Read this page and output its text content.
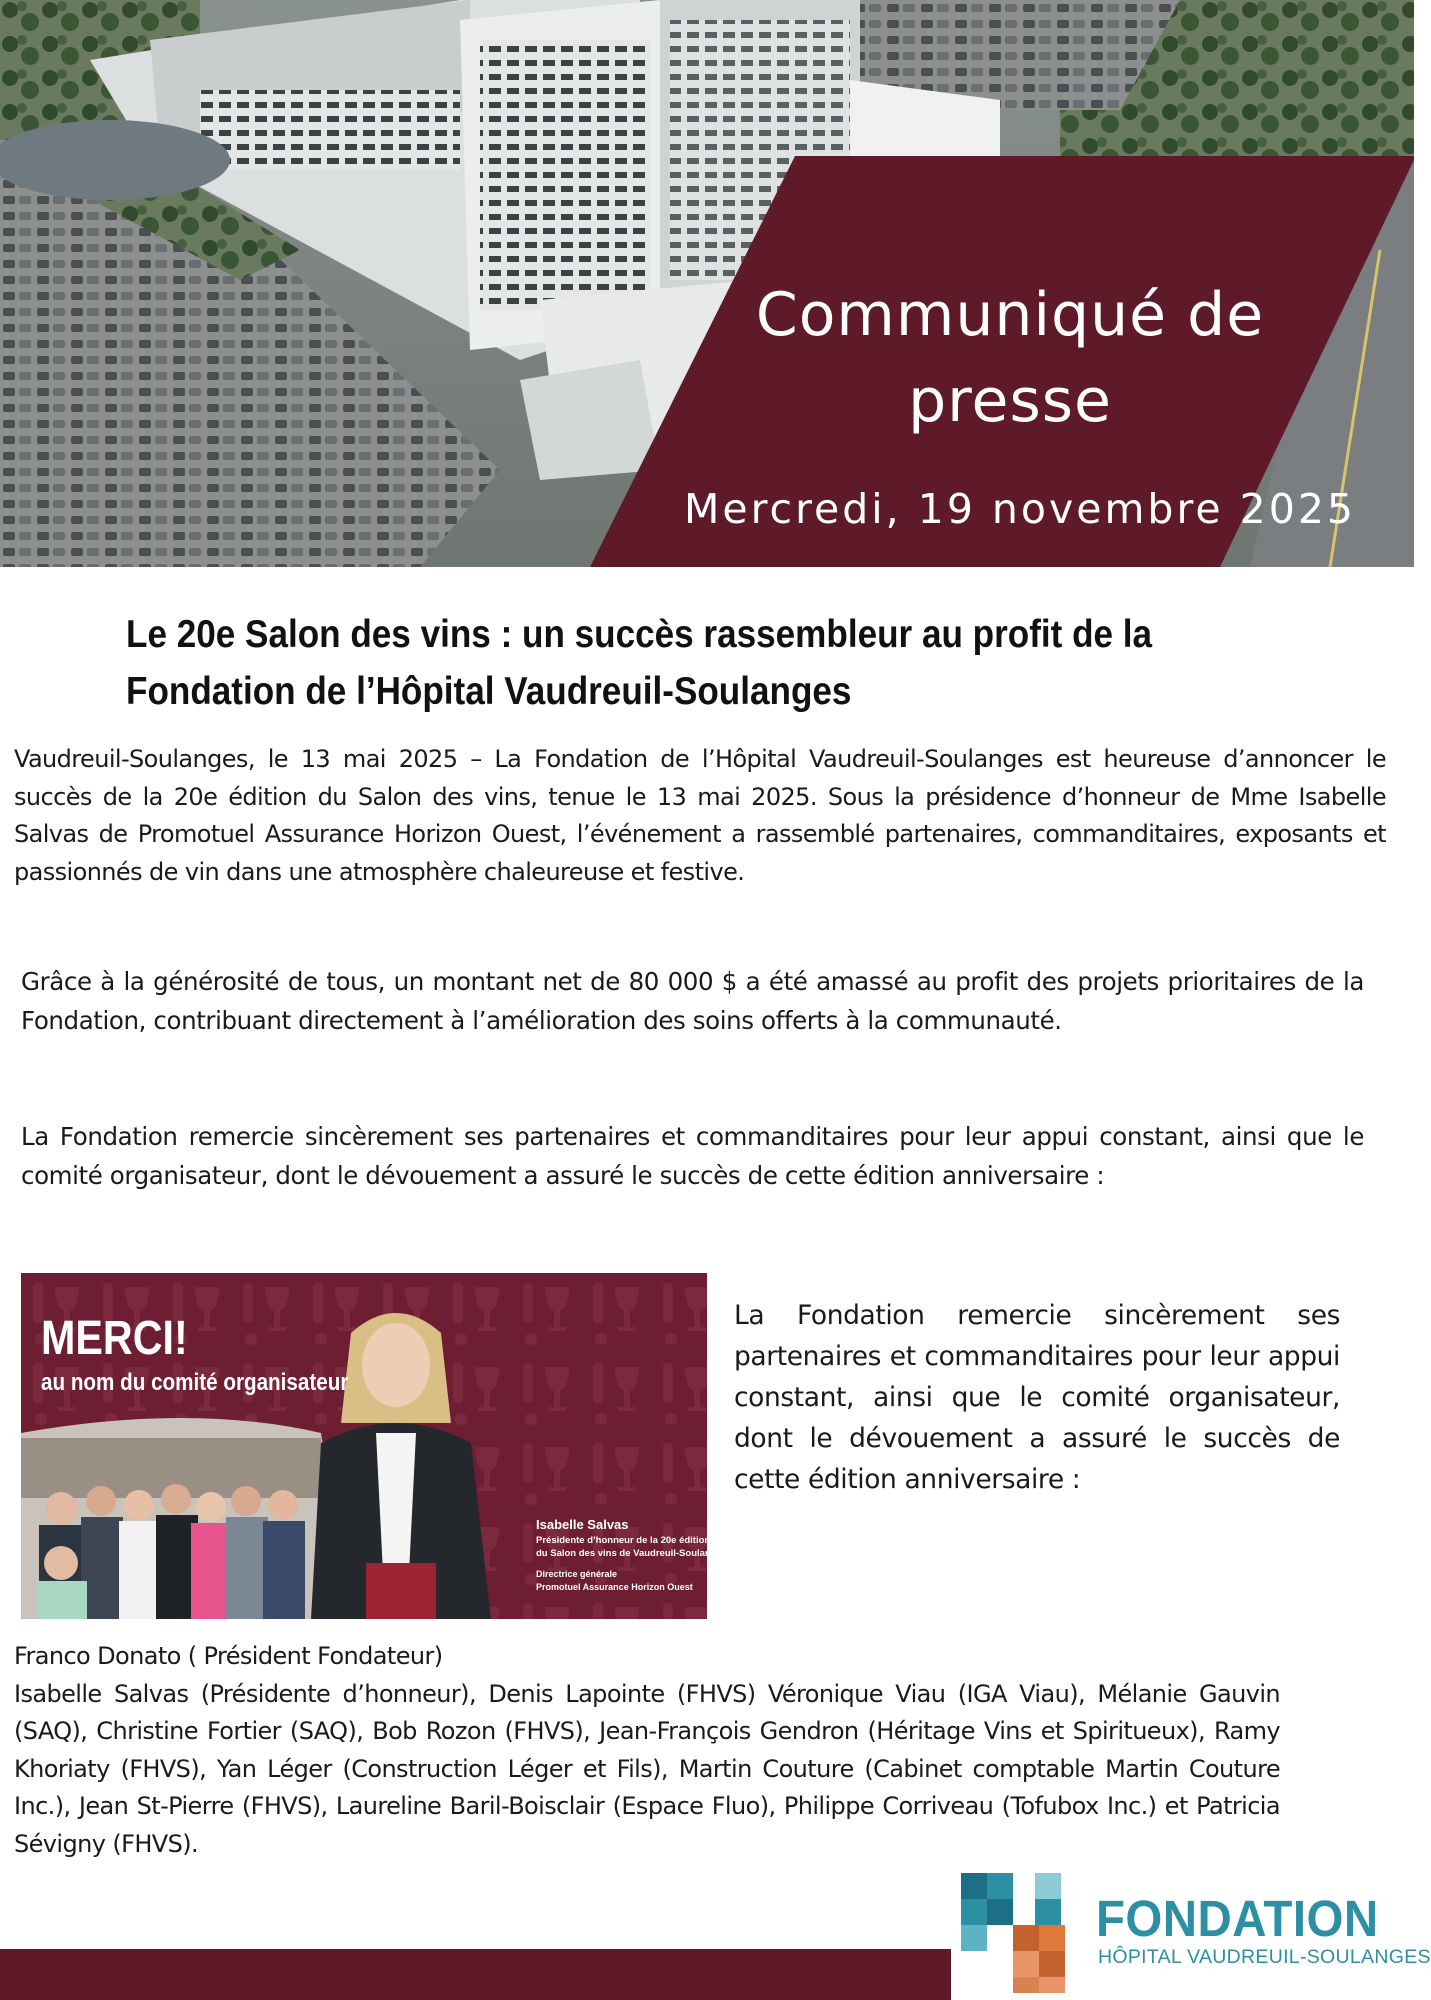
Communiqué de presse
Mercredi, 19 novembre 2025
Le 20e Salon des vins : un succès rassembleur au profit de la Fondation de l’Hôpital Vaudreuil-Soulanges

Vaudreuil-Soulanges, le 13 mai 2025 – La Fondation de l’Hôpital Vaudreuil-Soulanges est heureuse d’annoncer le succès de la 20e édition du Salon des vins, tenue le 13 mai 2025. Sous la présidence d’honneur de Mme Isabelle Salvas de Promotuel Assurance Horizon Ouest, l’événement a rassemblé partenaires, commanditaires, exposants et passionnés de vin dans une atmosphère chaleureuse et festive.

Grâce à la générosité de tous, un montant net de 80 000 $ a été amassé au profit des projets prioritaires de la Fondation, contribuant directement à l’amélioration des soins offerts à la communauté.

La Fondation remercie sincèrement ses partenaires et commanditaires pour leur appui constant, ainsi que le comité organisateur, dont le dévouement a assuré le succès de cette édition anniversaire :

MERCI!
au nom du comité organisateur
Isabelle Salvas
Présidente d’honneur de la 20e édition
du Salon des vins de Vaudreuil-Soulanges
Directrice générale
Promotuel Assurance Horizon Ouest

La Fondation remercie sincèrement ses partenaires et commanditaires pour leur appui constant, ainsi que le comité organisateur, dont le dévouement a assuré le succès de cette édition anniversaire :

Franco Donato ( Président Fondateur)
Isabelle Salvas (Présidente d’honneur), Denis Lapointe (FHVS) Véronique Viau (IGA Viau), Mélanie Gauvin (SAQ), Christine Fortier (SAQ), Bob Rozon (FHVS), Jean-François Gendron (Héritage Vins et Spiritueux), Ramy Khoriaty (FHVS), Yan Léger (Construction Léger et Fils), Martin Couture (Cabinet comptable Martin Couture Inc.), Jean St-Pierre (FHVS), Laureline Baril-Boisclair (Espace Fluo), Philippe Corriveau (Tofubox Inc.) et Patricia Sévigny (FHVS).
FONDATION
HÔPITAL VAUDREUIL-SOULANGES
